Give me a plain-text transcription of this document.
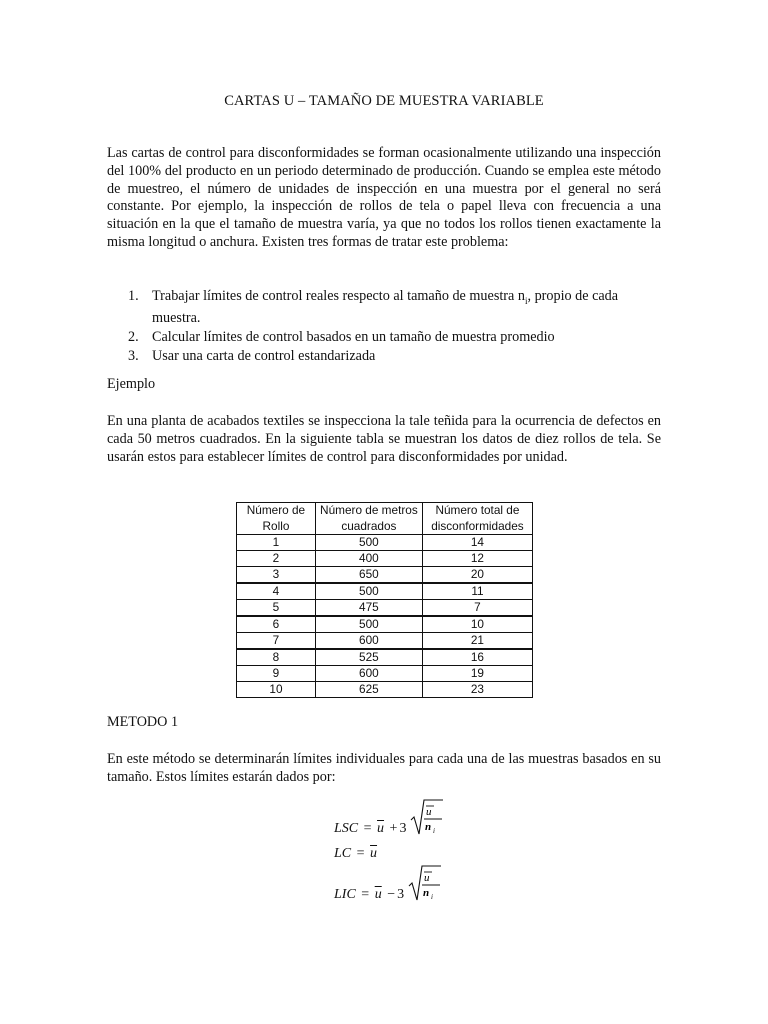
CARTAS U – TAMAÑO DE MUESTRA VARIABLE

Las cartas de control para disconformidades se forman ocasionalmente utilizando una inspección del 100% del producto en un periodo determinado de producción. Cuando se emplea este método de muestreo, el número de unidades de inspección en una muestra por el general no será constante. Por ejemplo, la inspección de rollos de tela o papel lleva con frecuencia a una situación en la que el tamaño de muestra varía, ya que no todos los rollos tienen exactamente la misma longitud o anchura. Existen tres formas de tratar este problema:

1. Trabajar límites de control reales respecto al tamaño de muestra $n_i$, propio de cada muestra.
2. Calcular límites de control basados en un tamaño de muestra promedio
3. Usar una carta de control estandarizada
Ejemplo

En una planta de acabados textiles se inspecciona la tale teñida para la ocurrencia de defectos en cada 50 metros cuadrados. En la siguiente tabla se muestran los datos de diez rollos de tela. Se usarán estos para establecer límites de control para disconformidades por unidad.

Número de Rollo	Número de metros cuadrados	Número total de disconformidades
1	500	14
2	400	12
3	650	20
4	500	11
5	475	7
6	500	10
7	600	21
8	525	16
9	600	19
10	625	23
METODO 1

En este método se determinarán límites individuales para cada una de las muestras basados en su tamaño. Estos límites estarán dados por:

LSC = $\overline{u} + 3$
u
n i
LC = $\overline{u}$
LIC = $\overline{u} - 3$
u
n i
